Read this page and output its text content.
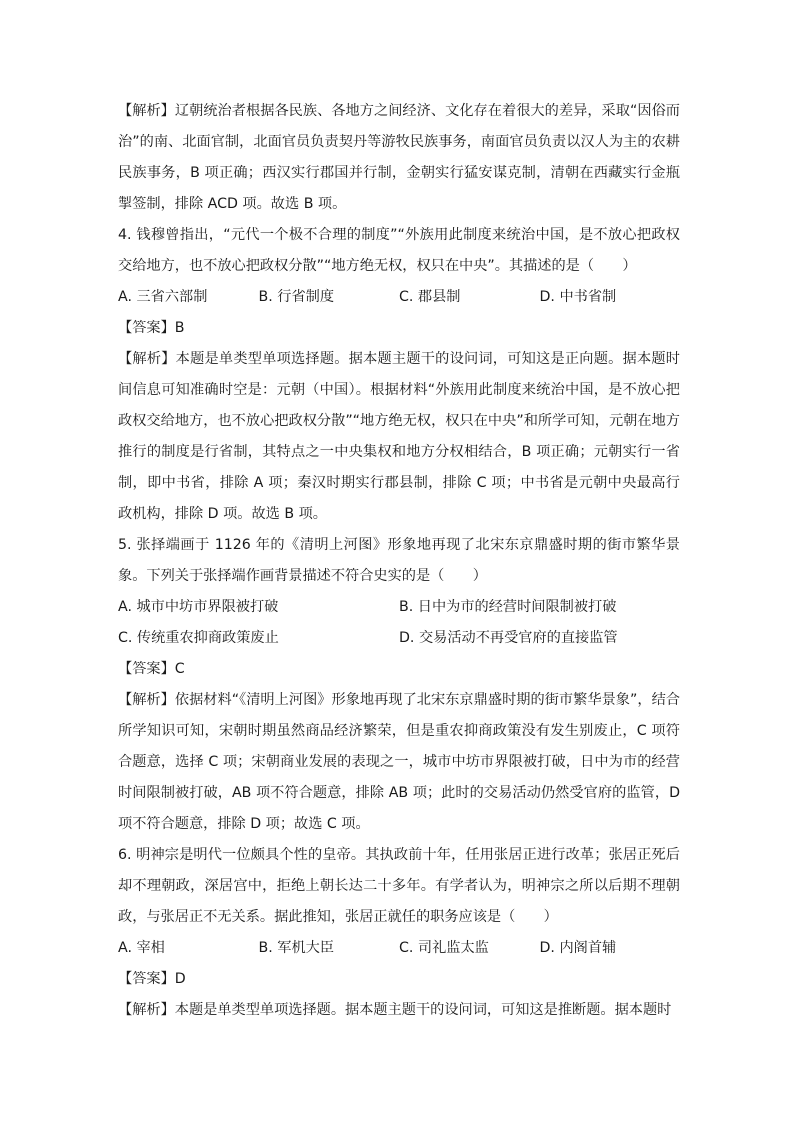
【解析】辽朝统治者根据各民族、各地方之间经济、文化存在着很大的差异，采取“因俗而治”的南、北面官制，北面官员负责契丹等游牧民族事务，南面官员负责以汉人为主的农耕民族事务，B 项正确；西汉实行郡国并行制，金朝实行猛安谋克制，清朝在西藏实行金瓶掣签制，排除 ACD 项。故选 B 项。

4. 钱穆曾指出，“元代一个极不合理的制度”“外族用此制度来统治中国，是不放心把政权交给地方，也不放心把政权分散”“地方绝无权，权只在中央”。其描述的是（　　）

A. 三省六部制	B. 行省制度	C. 郡县制	D. 中书省制

【答案】B

【解析】本题是单类型单项选择题。据本题主题干的设问词，可知这是正向题。据本题时间信息可知准确时空是：元朝（中国）。根据材料“外族用此制度来统治中国，是不放心把政权交给地方，也不放心把政权分散”“地方绝无权，权只在中央”和所学可知，元朝在地方推行的制度是行省制，其特点之一中央集权和地方分权相结合，B 项正确；元朝实行一省制，即中书省，排除 A 项；秦汉时期实行郡县制，排除 C 项；中书省是元朝中央最高行政机构，排除 D 项。故选 B 项。

5. 张择端画于 1126 年的《清明上河图》形象地再现了北宋东京鼎盛时期的街市繁华景象。下列关于张择端作画背景描述不符合史实的是（　　）

A. 城市中坊市界限被打破	B. 日中为市的经营时间限制被打破
C. 传统重农抑商政策废止	D. 交易活动不再受官府的直接监管

【答案】C

【解析】依据材料“《清明上河图》形象地再现了北宋东京鼎盛时期的街市繁华景象”，结合所学知识可知，宋朝时期虽然商品经济繁荣，但是重农抑商政策没有发生别废止，C 项符合题意，选择 C 项；宋朝商业发展的表现之一，城市中坊市界限被打破，日中为市的经营时间限制被打破，AB 项不符合题意，排除 AB 项；此时的交易活动仍然受官府的监管，D 项不符合题意，排除 D 项；故选 C 项。

6. 明神宗是明代一位颇具个性的皇帝。其执政前十年，任用张居正进行改革；张居正死后却不理朝政，深居宫中，拒绝上朝长达二十多年。有学者认为，明神宗之所以后期不理朝政，与张居正不无关系。据此推知，张居正就任的职务应该是（　　）

A. 宰相	B. 军机大臣	C. 司礼监太监	D. 内阁首辅

【答案】D

【解析】本题是单类型单项选择题。据本题主题干的设问词，可知这是推断题。据本题时
